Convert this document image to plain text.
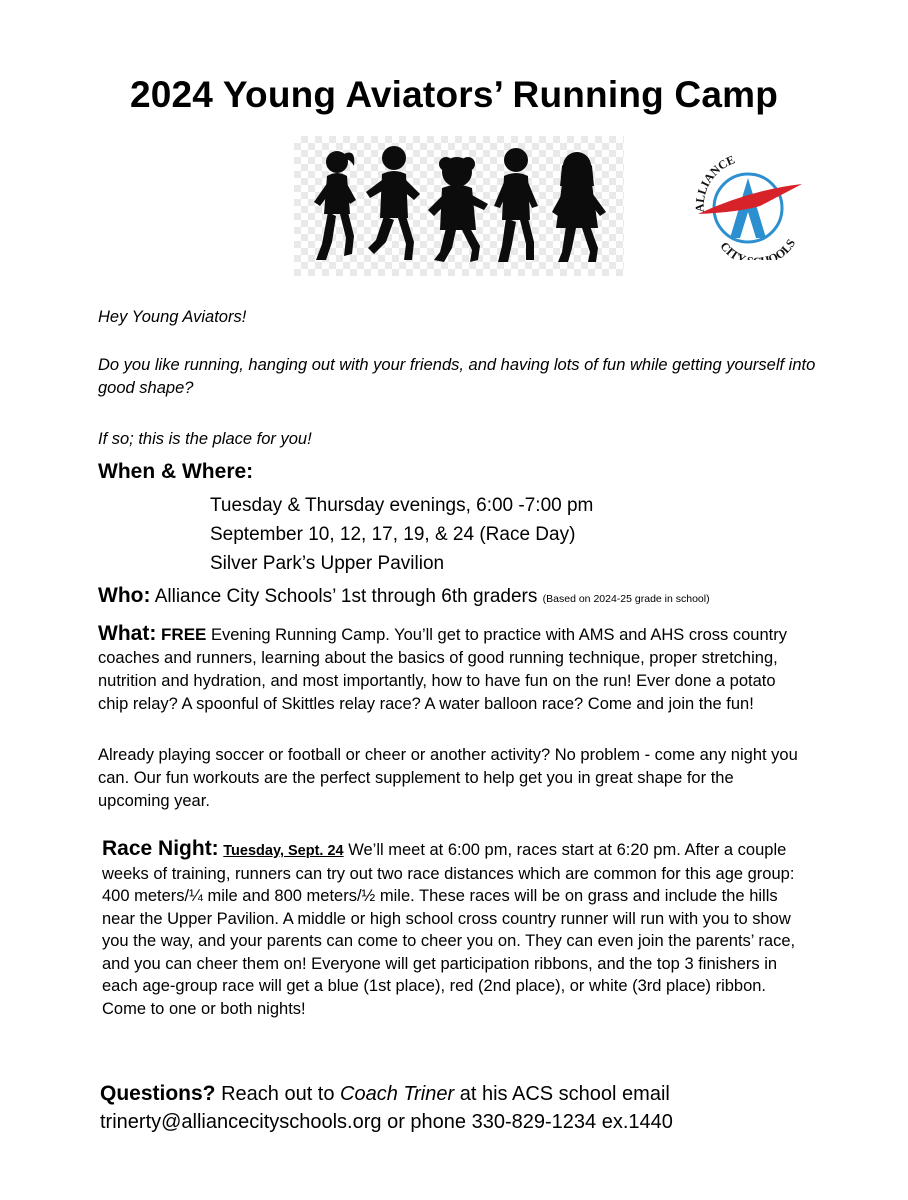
2024 Young Aviators’ Running Camp
ALLIANCE
CITY OOLS
Hey Young Aviators!
Do you like running, hanging out with your friends, and having lots of fun while getting yourself into good shape?
If so; this is the place for you!
When & Where:
Tuesday & Thursday evenings, 6:00 -7:00 pm
September 10, 12, 17, 19, & 24 (Race Day)
Silver Park’s Upper Pavilion
Who: Alliance City Schools’ 1st through 6th graders (Based on 2024-25 grade in school)
What: FREE Evening Running Camp. You’ll get to practice with AMS and AHS cross country coaches and runners, learning about the basics of good running technique, proper stretching, nutrition and hydration, and most importantly, how to have fun on the run! Ever done a potato chip relay? A spoonful of Skittles relay race? A water balloon race? Come and join the fun!
Already playing soccer or football or cheer or another activity? No problem - come any night you can. Our fun workouts are the perfect supplement to help get you in great shape for the upcoming year.
Race Night: Tuesday, Sept. 24 We’ll meet at 6:00 pm, races start at 6:20 pm. After a couple weeks of training, runners can try out two race distances which are common for this age group: 400 meters/¼ mile and 800 meters/½ mile. These races will be on grass and include the hills near the Upper Pavilion. A middle or high school cross country runner will run with you to show you the way, and your parents can come to cheer you on. They can even join the parents’ race, and you can cheer them on! Everyone will get participation ribbons, and the top 3 finishers in each age-group race will get a blue (1st place), red (2nd place), or white (3rd place) ribbon. Come to one or both nights!
Questions? Reach out to Coach Triner at his ACS school email trinerty@alliancecityschools.org or phone 330-829-1234 ex.1440
